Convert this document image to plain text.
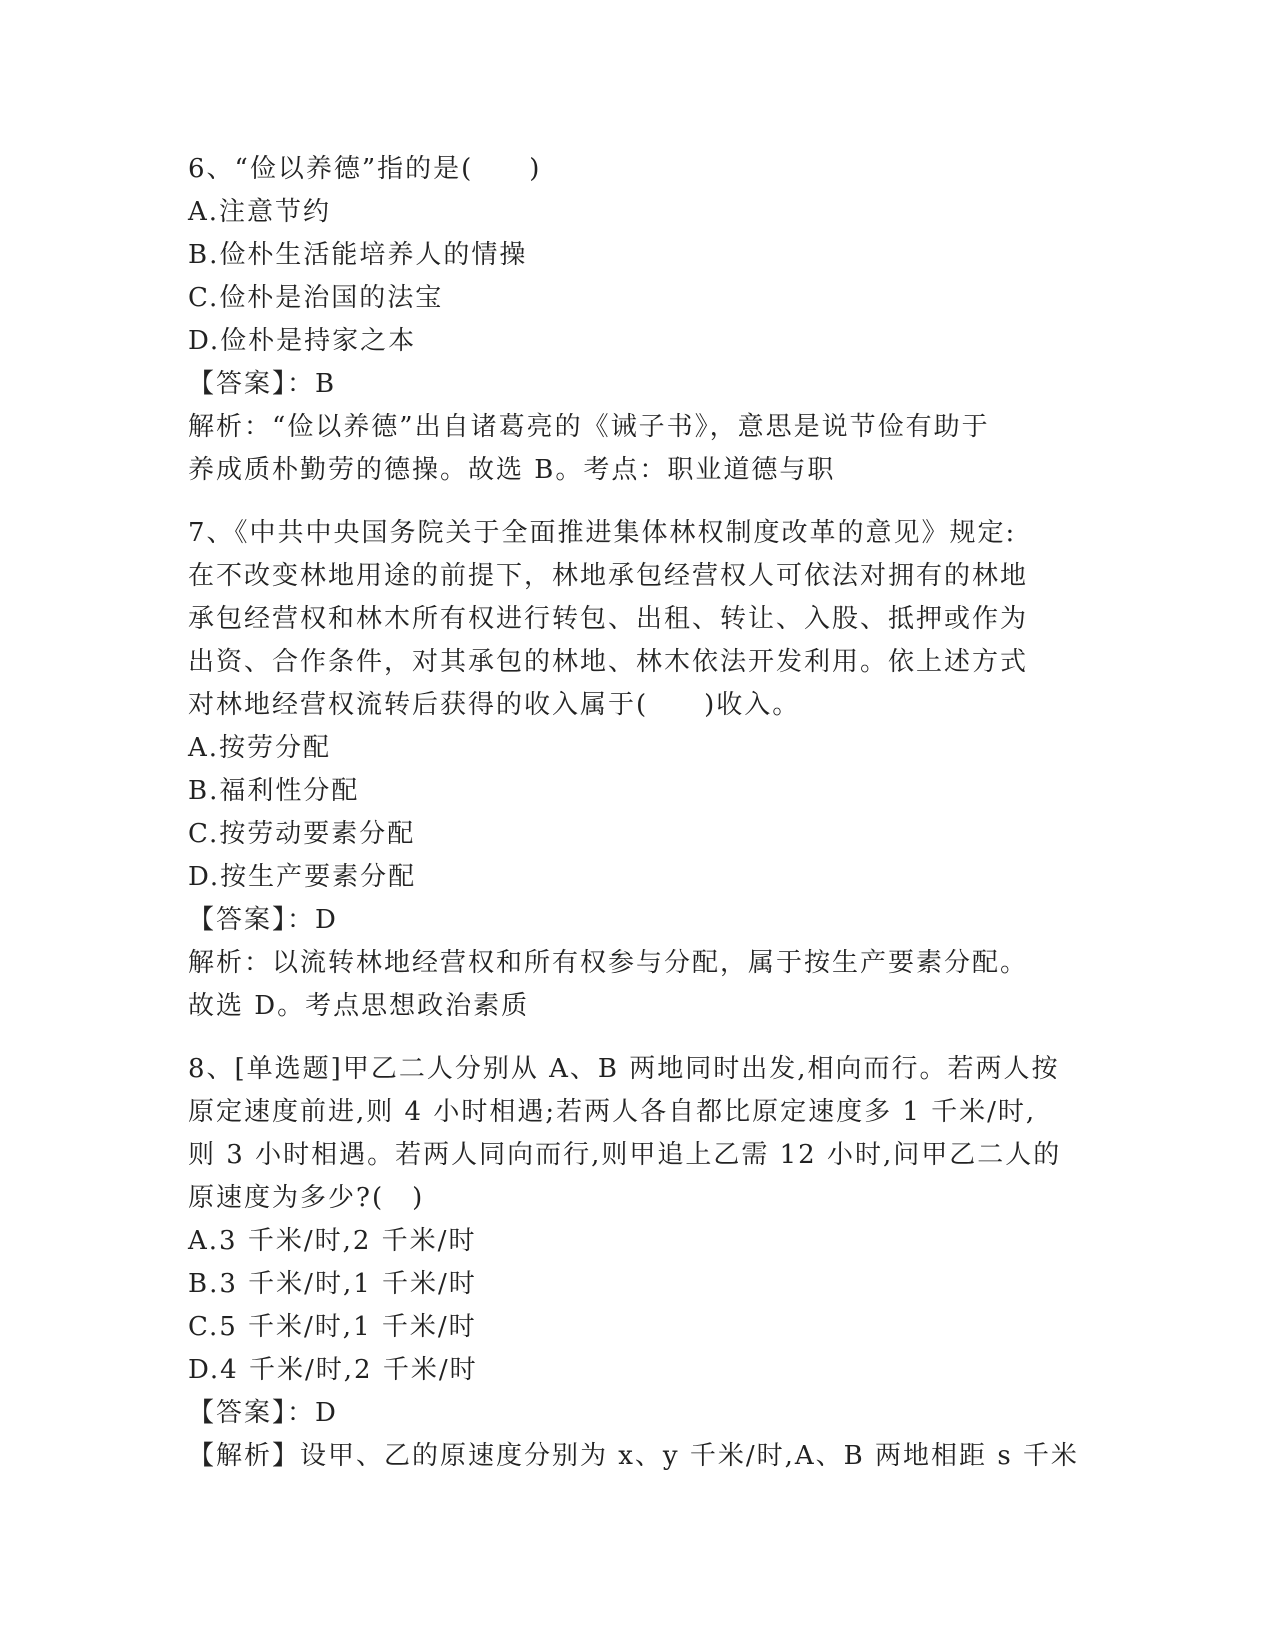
6、“俭以养德”指的是(　　)
A.注意节约
B.俭朴生活能培养人的情操
C.俭朴是治国的法宝
D.俭朴是持家之本
【答案】：B
解析：“俭以养德”出自诸葛亮的《诫子书》，意思是说节俭有助于
养成质朴勤劳的德操。故选 B。考点：职业道德与职
7、《中共中央国务院关于全面推进集体林权制度改革的意见》规定:
在不改变林地用途的前提下，林地承包经营权人可依法对拥有的林地
承包经营权和林木所有权进行转包、出租、转让、入股、抵押或作为
出资、合作条件，对其承包的林地、林木依法开发利用。依上述方式
对林地经营权流转后获得的收入属于(　　)收入。
A.按劳分配
B.福利性分配
C.按劳动要素分配
D.按生产要素分配
【答案】：D
解析：以流转林地经营权和所有权参与分配，属于按生产要素分配。
故选 D。考点思想政治素质
8、[单选题]甲乙二人分别从 A、B 两地同时出发,相向而行。若两人按
原定速度前进,则 4 小时相遇;若两人各自都比原定速度多 1 千米/时,
则 3 小时相遇。若两人同向而行,则甲追上乙需 12 小时,问甲乙二人的
原速度为多少?(　)
A.3 千米/时,2 千米/时
B.3 千米/时,1 千米/时
C.5 千米/时,1 千米/时
D.4 千米/时,2 千米/时
【答案】：D
【解析】设甲、乙的原速度分别为 x、y 千米/时,A、B 两地相距 s 千米
